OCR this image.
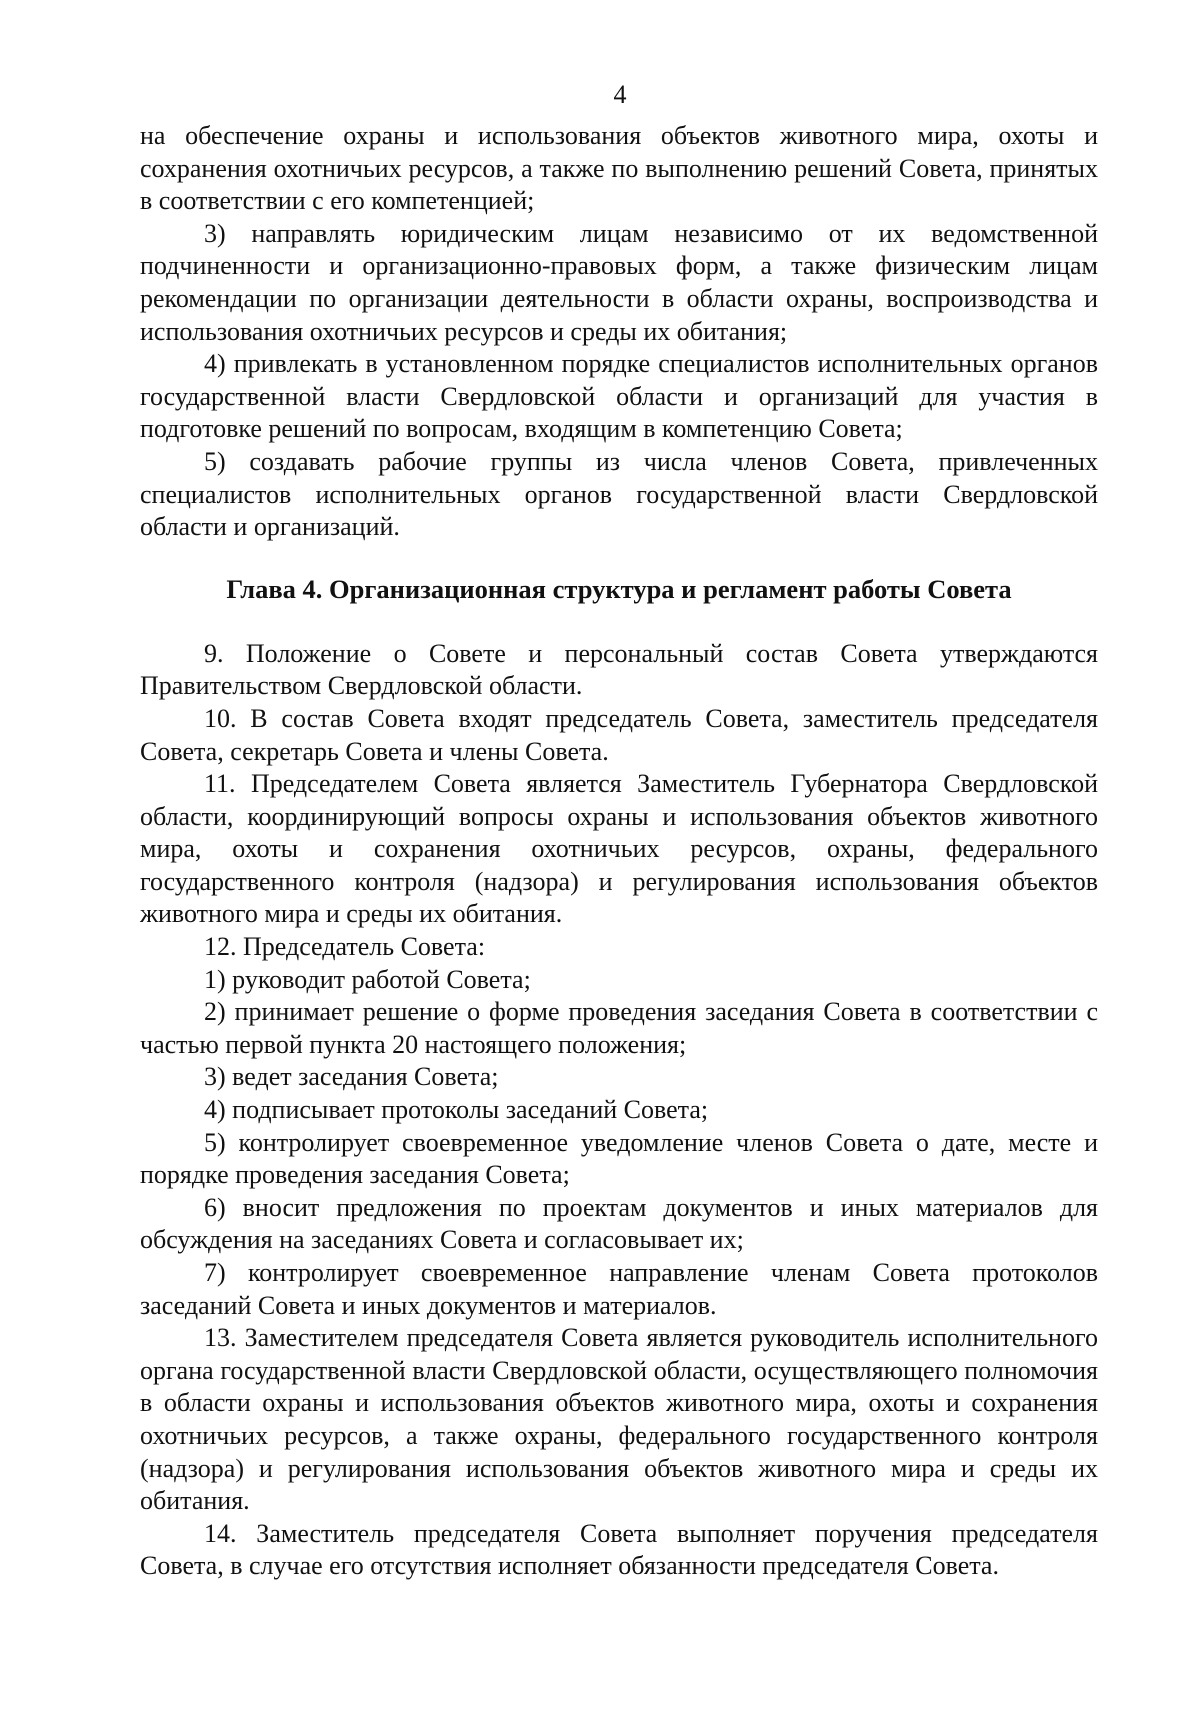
4

на обеспечение охраны и использования объектов животного мира, охоты и сохранения охотничьих ресурсов, а также по выполнению решений Совета, принятых в соответствии с его компетенцией;

3) направлять юридическим лицам независимо от их ведомственной подчиненности и организационно-правовых форм, а также физическим лицам рекомендации по организации деятельности в области охраны, воспроизводства и использования охотничьих ресурсов и среды их обитания;

4) привлекать в установленном порядке специалистов исполнительных органов государственной власти Свердловской области и организаций для участия в подготовке решений по вопросам, входящим в компетенцию Совета;

5) создавать рабочие группы из числа членов Совета, привлеченных специалистов исполнительных органов государственной власти Свердловской области и организаций.

Глава 4. Организационная структура и регламент работы Совета

9. Положение о Совете и персональный состав Совета утверждаются Правительством Свердловской области.

10. В состав Совета входят председатель Совета, заместитель председателя Совета, секретарь Совета и члены Совета.

11. Председателем Совета является Заместитель Губернатора Свердловской области, координирующий вопросы охраны и использования объектов животного мира, охоты и сохранения охотничьих ресурсов, охраны, федерального государственного контроля (надзора) и регулирования использования объектов животного мира и среды их обитания.

12. Председатель Совета:

1) руководит работой Совета;

2) принимает решение о форме проведения заседания Совета в соответствии с частью первой пункта 20 настоящего положения;

3) ведет заседания Совета;

4) подписывает протоколы заседаний Совета;

5) контролирует своевременное уведомление членов Совета о дате, месте и порядке проведения заседания Совета;

6) вносит предложения по проектам документов и иных материалов для обсуждения на заседаниях Совета и согласовывает их;

7) контролирует своевременное направление членам Совета протоколов заседаний Совета и иных документов и материалов.

13. Заместителем председателя Совета является руководитель исполнительного органа государственной власти Свердловской области, осуществляющего полномочия в области охраны и использования объектов животного мира, охоты и сохранения охотничьих ресурсов, а также охраны, федерального государственного контроля (надзора) и регулирования использования объектов животного мира и среды их обитания.

14. Заместитель председателя Совета выполняет поручения председателя Совета, в случае его отсутствия исполняет обязанности председателя Совета.
